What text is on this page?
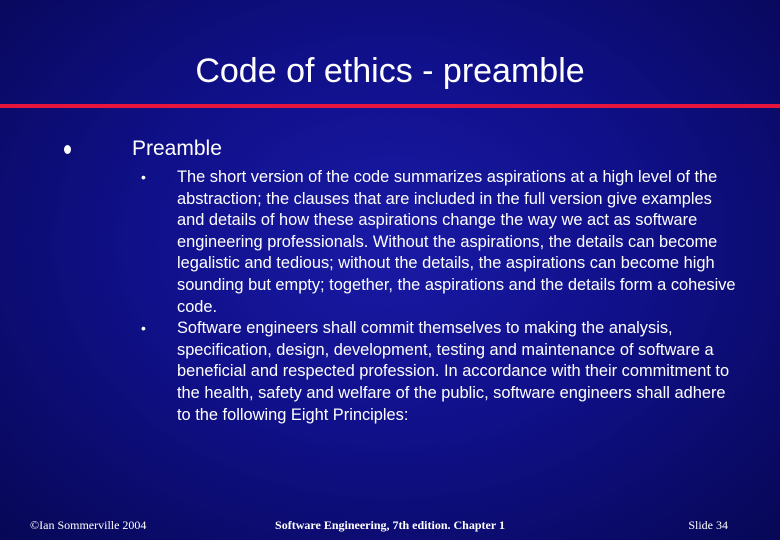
Code of ethics - preamble
Preamble
• The short version of the code summarizes aspirations at a high level of the abstraction; the clauses that are included in the full version give examples and details of how these aspirations change the way we act as software engineering professionals. Without the aspirations, the details can become legalistic and tedious; without the details, the aspirations can become high sounding but empty; together, the aspirations and the details form a cohesive code.
• Software engineers shall commit themselves to making the analysis, specification, design, development, testing and maintenance of software a beneficial and respected profession. In accordance with their commitment to the health, safety and welfare of the public, software engineers shall adhere to the following Eight Principles:
©Ian Sommerville 2004	Software Engineering, 7th edition. Chapter 1	Slide 34
